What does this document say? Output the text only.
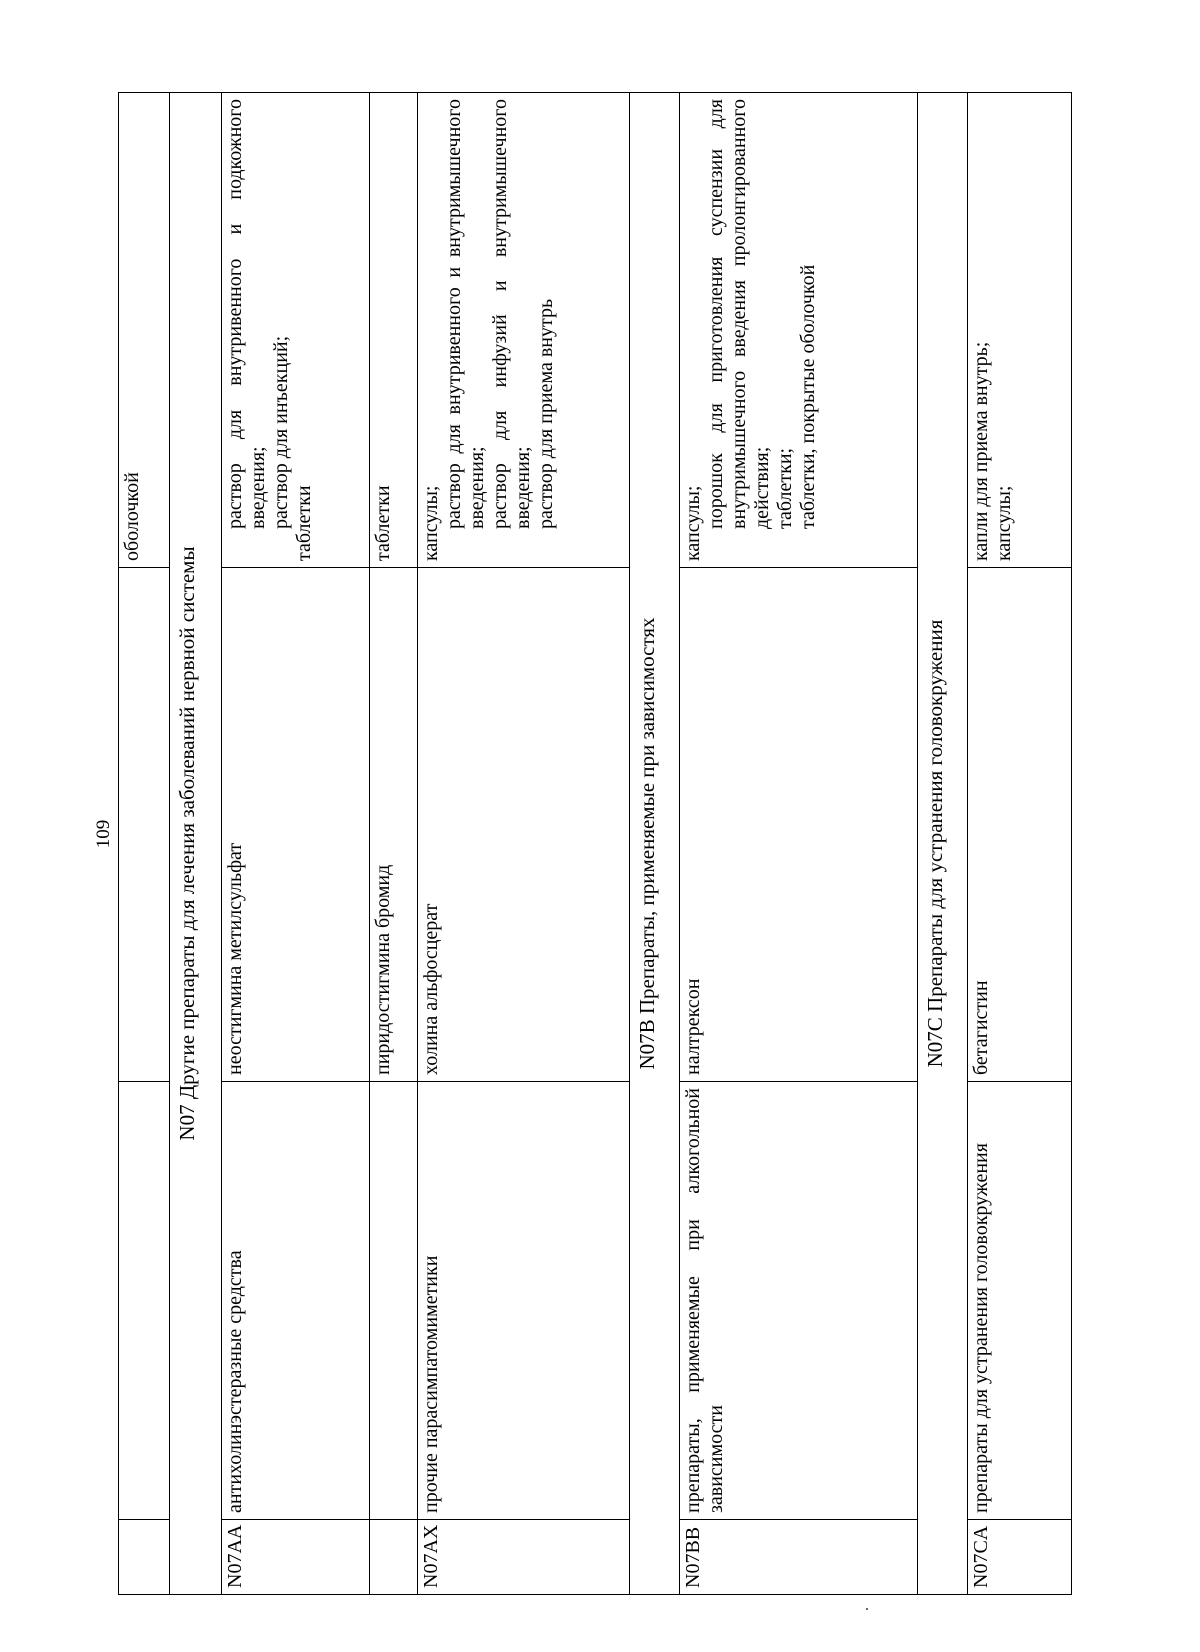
109
			оболочкой
N07 Другие препараты для лечения заболеваний нервной системы			
N07AA	антихолинэстеразные средства	неостигмина метилсульфат	раствор для внутривенного и подкожного введения; раствор для инъекций; таблетки

		пиридостигмина бромид	таблетки
N07AX	прочие парасимпатомиметики	холина альфосцерат	капсулы; раствор для внутривенного и внутримышечного введения; раствор для инфузий и внутримышечного введения; раствор для приема внутрь

N07B Препараты, применяемые при зависимостях			
N07BB	препараты, применяемые при алкогольной зависимости	налтрексон	капсулы; порошок для приготовления суспензии для внутримышечного введения пролонгированного действия; таблетки; таблетки, покрытые оболочкой

N07C Препараты для устранения головокружения			
N07CA	препараты для устранения головокружения	бетагистин	капли для приема внутрь; капсулы;
